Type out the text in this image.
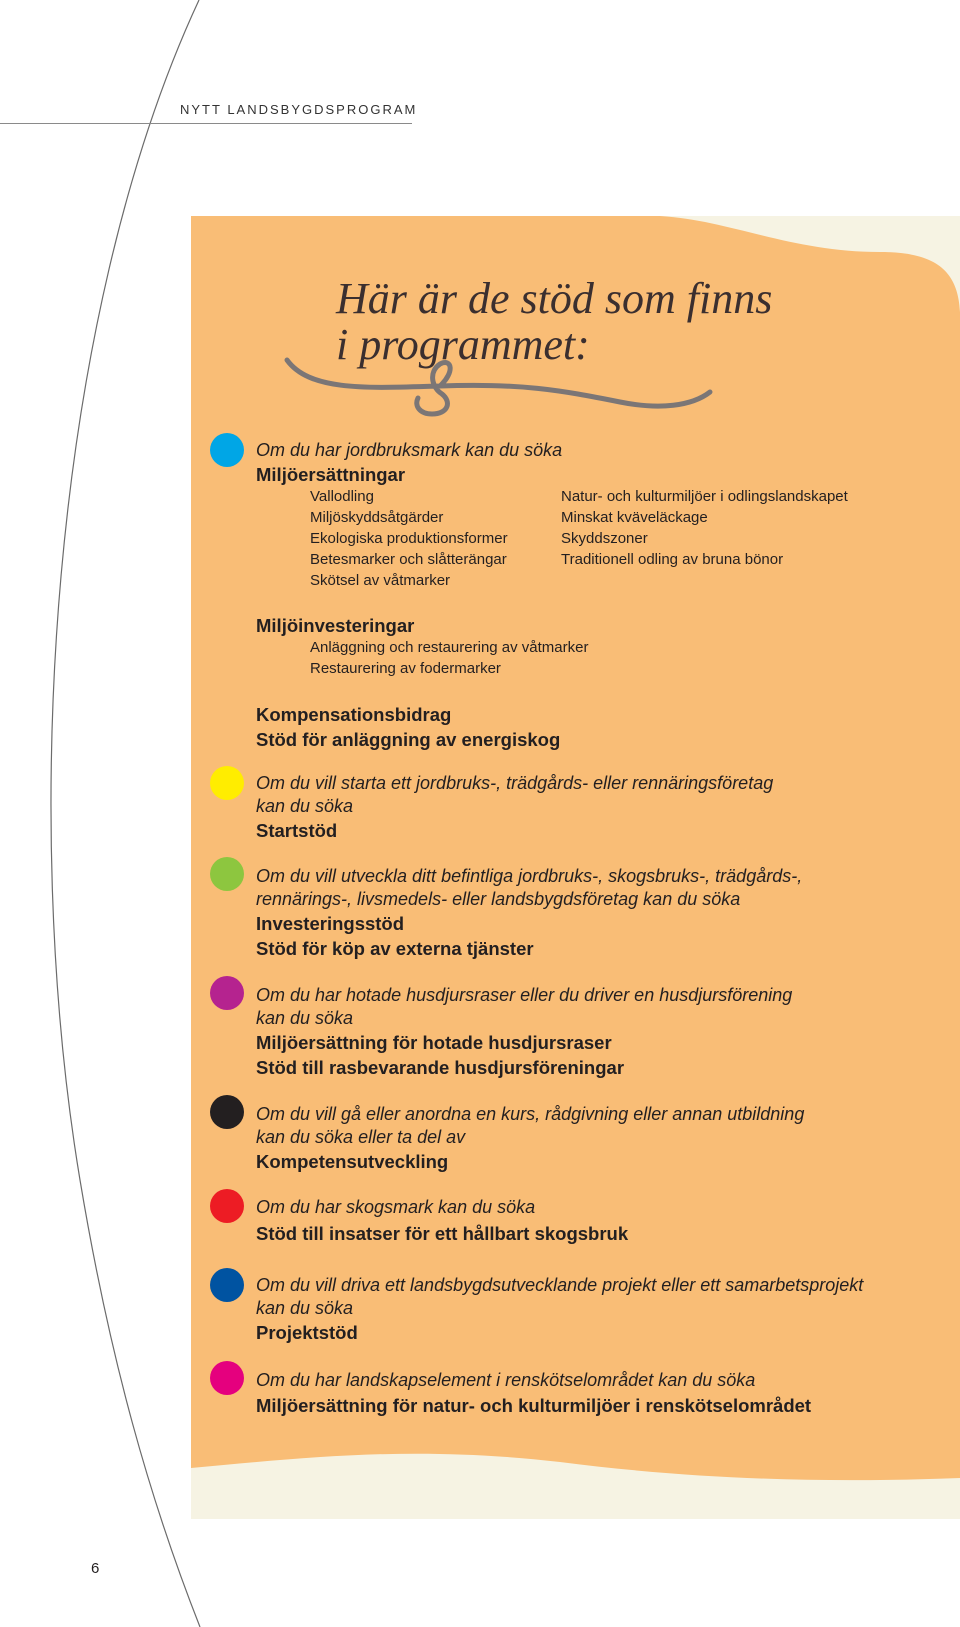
NYTT LANDSBYGDSPROGRAM
Här är de stöd som finns
i programmet:
Om du har jordbruksmark kan du söka
Miljöersättningar
Vallodling
Miljöskyddsåtgärder
Ekologiska produktionsformer
Betesmarker och slåtterängar
Skötsel av våtmarker
Natur- och kulturmiljöer i odlingslandskapet
Minskat kväveläckage
Skyddszoner
Traditionell odling av bruna bönor
Miljöinvesteringar
Anläggning och restaurering av våtmarker
Restaurering av fodermarker
Kompensationsbidrag
Stöd för anläggning av energiskog
Om du vill starta ett jordbruks-, trädgårds- eller rennäringsföretag
kan du söka
Startstöd
Om du vill utveckla ditt befintliga jordbruks-, skogsbruks-, trädgårds-,
rennärings-, livsmedels- eller landsbygdsföretag kan du söka
Investeringsstöd
Stöd för köp av externa tjänster
Om du har hotade husdjursraser eller du driver en husdjursförening
kan du söka
Miljöersättning för hotade husdjursraser
Stöd till rasbevarande husdjursföreningar
Om du vill gå eller anordna en kurs, rådgivning eller annan utbildning
kan du söka eller ta del av
Kompetensutveckling
Om du har skogsmark kan du söka
Stöd till insatser för ett hållbart skogsbruk
Om du vill driva ett landsbygdsutvecklande projekt eller ett samarbetsprojekt
kan du söka
Projektstöd
Om du har landskapselement i renskötselområdet kan du söka
Miljöersättning för natur- och kulturmiljöer i renskötselområdet
6
